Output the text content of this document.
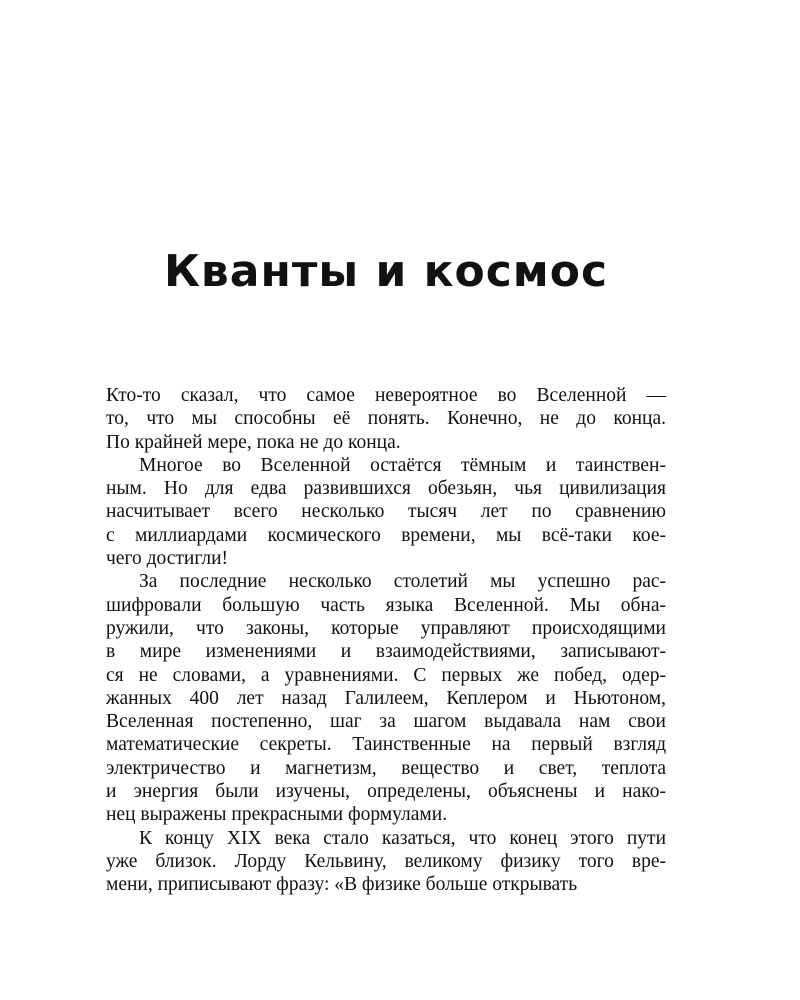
Кванты и космос
Кто-то сказал, что самое невероятное во Вселенной —
то, что мы способны её понять. Конечно, не до конца.
По крайней мере, пока не до конца.
Многое во Вселенной остаётся тёмным и таинствен-
ным. Но для едва развившихся обезьян, чья цивилизация
насчитывает всего несколько тысяч лет по сравнению
с миллиардами космического времени, мы всё-таки кое-
чего достигли!
За последние несколько столетий мы успешно рас-
шифровали большую часть языка Вселенной. Мы обна-
ружили, что законы, которые управляют происходящими
в мире изменениями и взаимодействиями, записывают-
ся не словами, а уравнениями. С первых же побед, одер-
жанных 400 лет назад Галилеем, Кеплером и Ньютоном,
Вселенная постепенно, шаг за шагом выдавала нам свои
математические секреты. Таинственные на первый взгляд
электричество и магнетизм, вещество и свет, теплота
и энергия были изучены, определены, объяснены и нако-
нец выражены прекрасными формулами.
К концу XIX века стало казаться, что конец этого пути
уже близок. Лорду Кельвину, великому физику того вре-
мени, приписывают фразу: «В физике больше открывать
